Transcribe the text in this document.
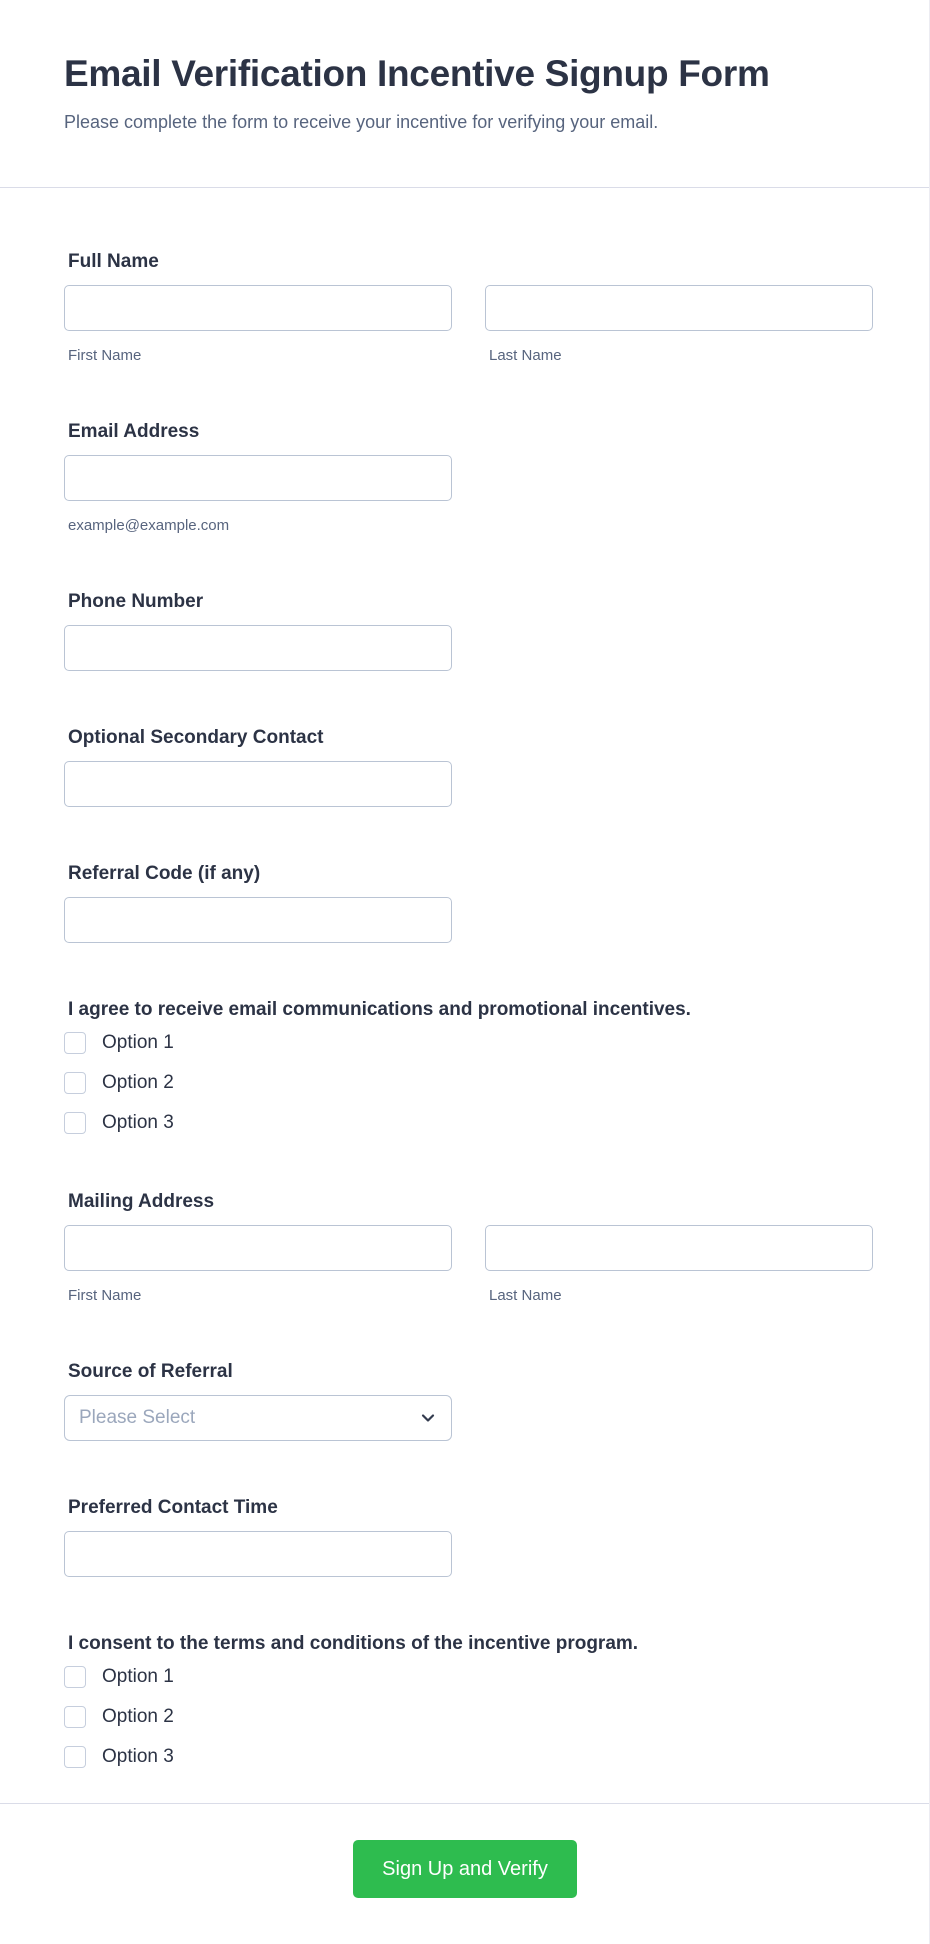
Email Verification Incentive Signup Form
Please complete the form to receive your incentive for verifying your email.
Full Name
First Name	Last Name
Email Address
example@example.com
Phone Number
Optional Secondary Contact
Referral Code (if any)
I agree to receive email communications and promotional incentives.
Option 1
Option 2
Option 3
Mailing Address
First Name	Last Name
Source of Referral
Please Select
Preferred Contact Time
I consent to the terms and conditions of the incentive program.
Option 1
Option 2
Option 3
Sign Up and Verify
